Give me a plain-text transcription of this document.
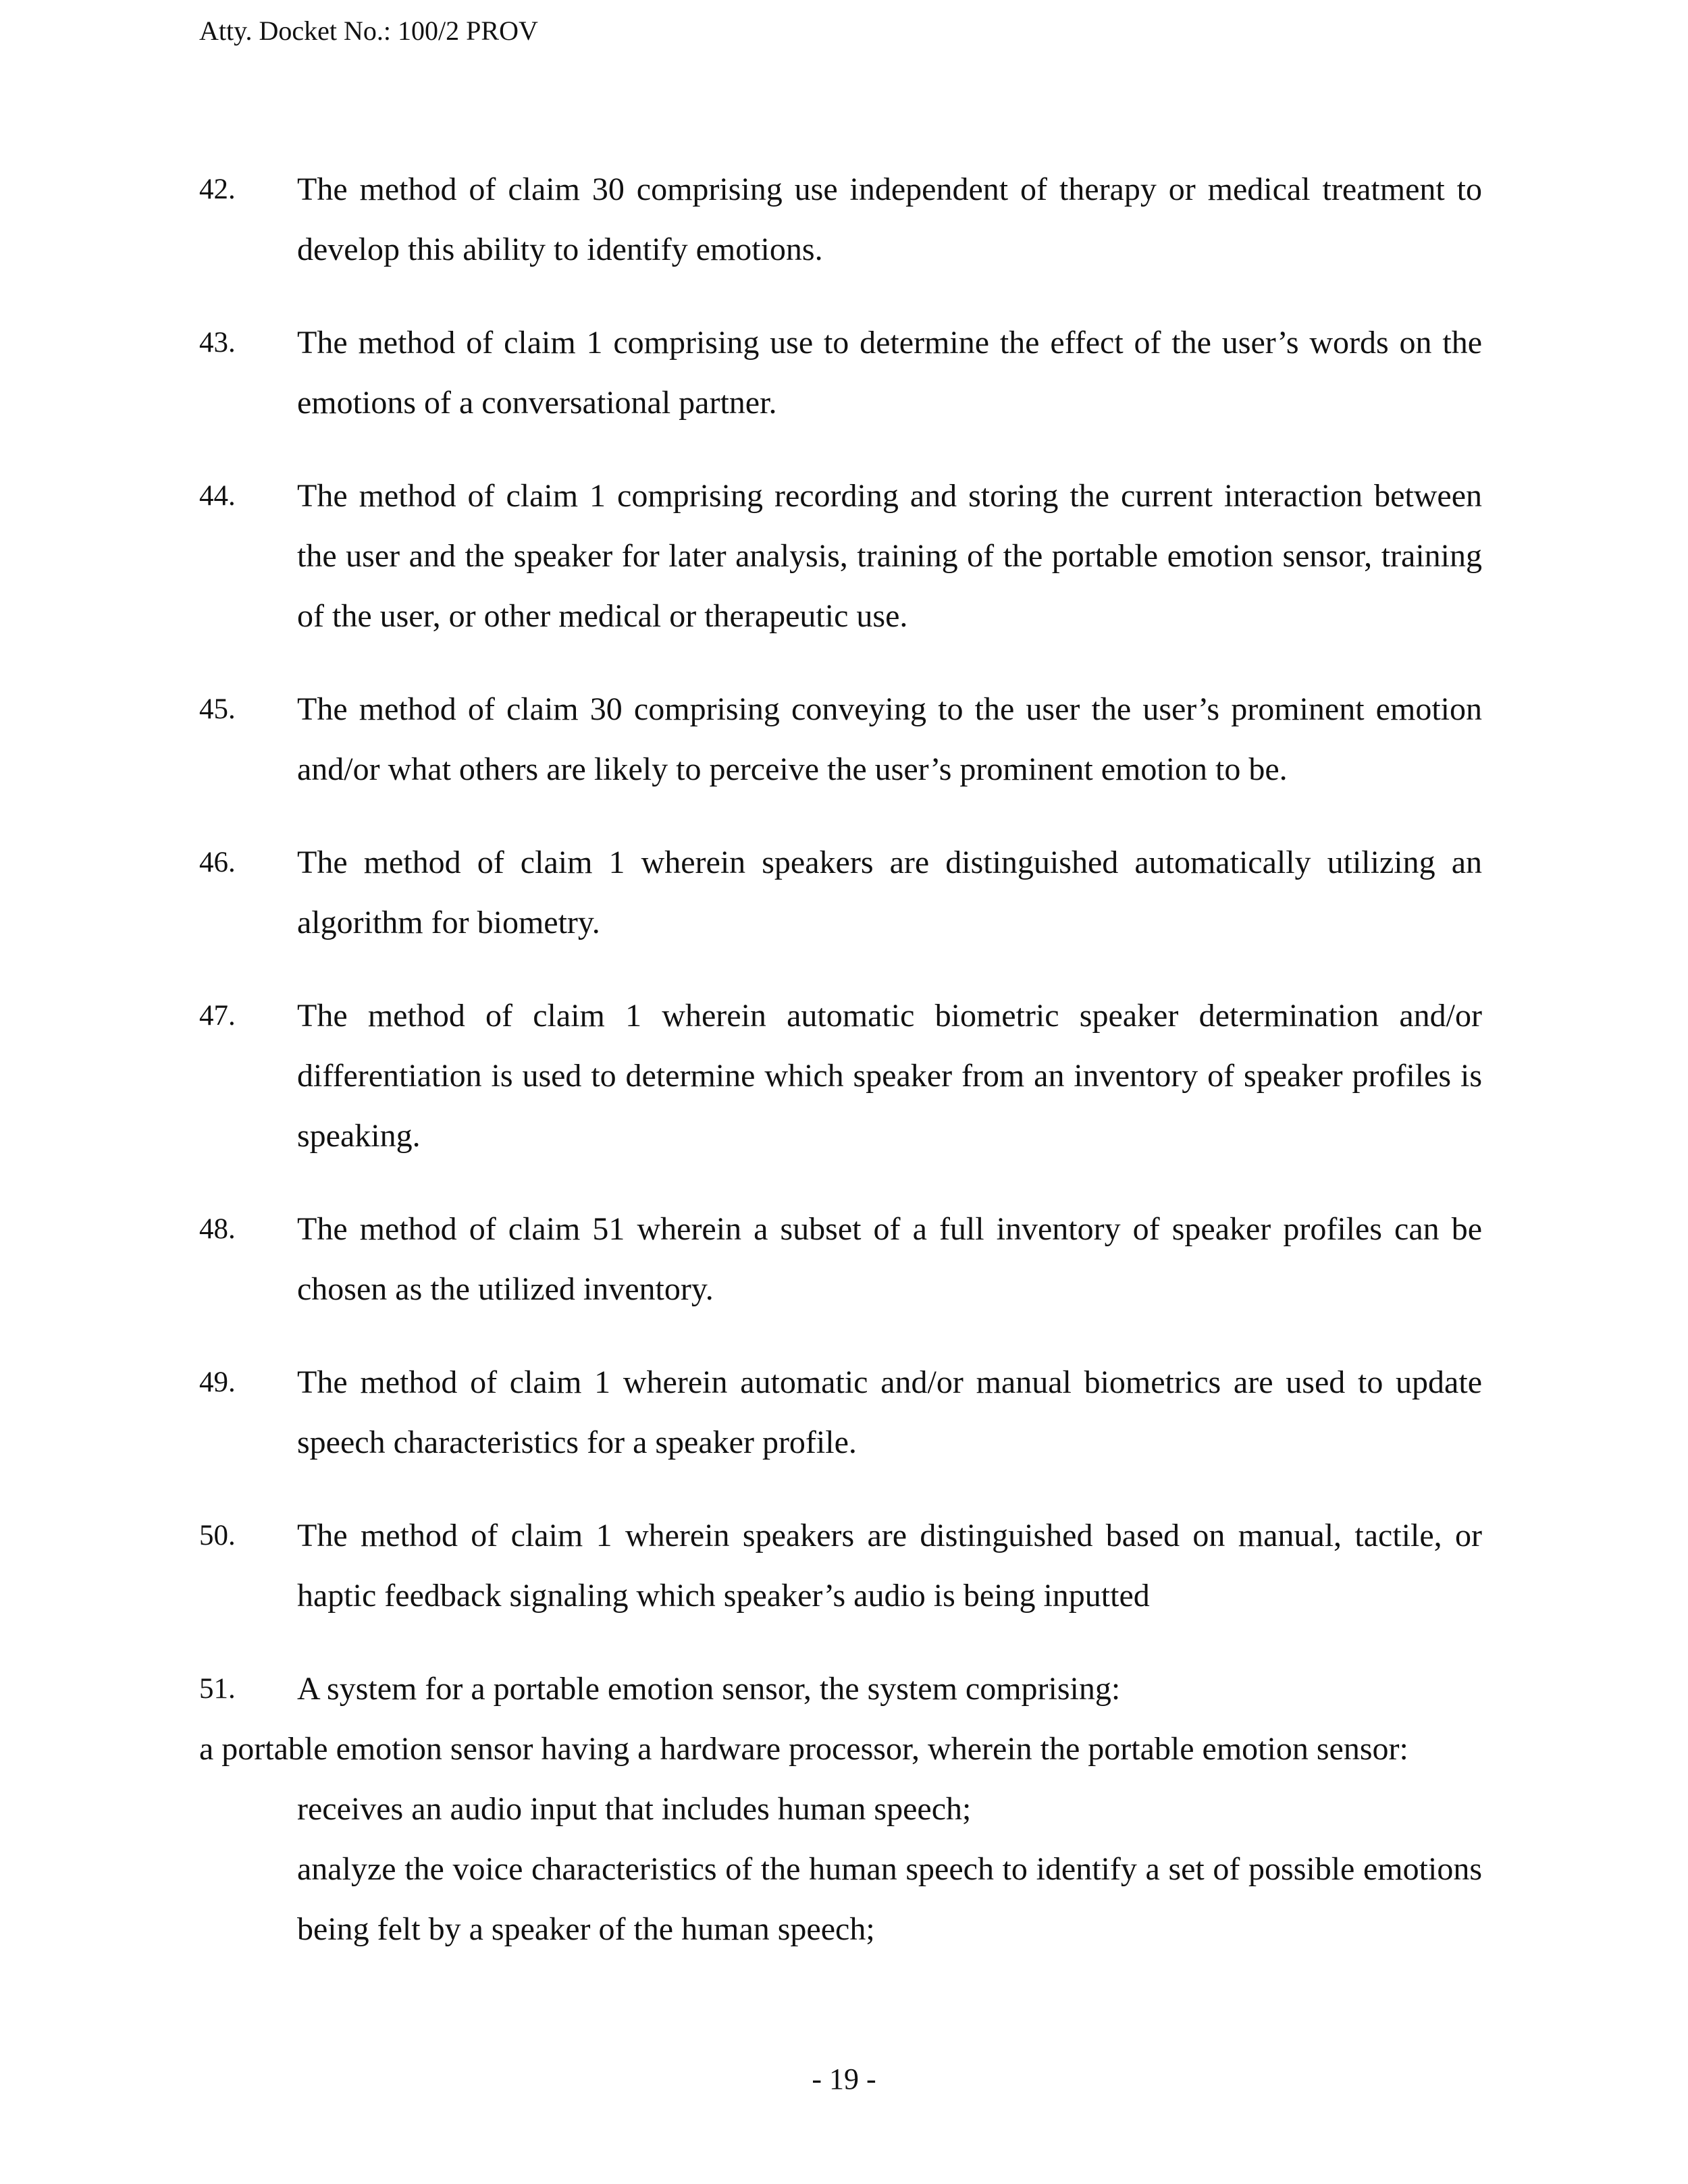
Atty. Docket No.: 100/2 PROV
42.	The method of claim 30 comprising use independent of therapy or medical treatment to develop this ability to identify emotions.
43.	The method of claim 1 comprising use to determine the effect of the user’s words on the emotions of a conversational partner.
44.	The method of claim 1 comprising recording and storing the current interaction between the user and the speaker for later analysis, training of the portable emotion sensor, training of the user, or other medical or therapeutic use.
45.	The method of claim 30 comprising conveying to the user the user’s prominent emotion and/or what others are likely to perceive the user’s prominent emotion to be.
46.	The method of claim 1 wherein speakers are distinguished automatically utilizing an algorithm for biometry.
47.	The method of claim 1 wherein automatic biometric speaker determination and/or differentiation is used to determine which speaker from an inventory of speaker profiles is speaking.
48.	The method of claim 51 wherein a subset of a full inventory of speaker profiles can be chosen as the utilized inventory.
49.	The method of claim 1 wherein automatic and/or manual biometrics are used to update speech characteristics for a speaker profile.
50.	The method of claim 1 wherein speakers are distinguished based on manual, tactile, or haptic feedback signaling which speaker’s audio is being inputted
51.	A system for a portable emotion sensor, the system comprising:
a portable emotion sensor having a hardware processor, wherein the portable emotion sensor:
receives an audio input that includes human speech;
analyze the voice characteristics of the human speech to identify a set of possible emotions being felt by a speaker of the human speech;
- 19 -
